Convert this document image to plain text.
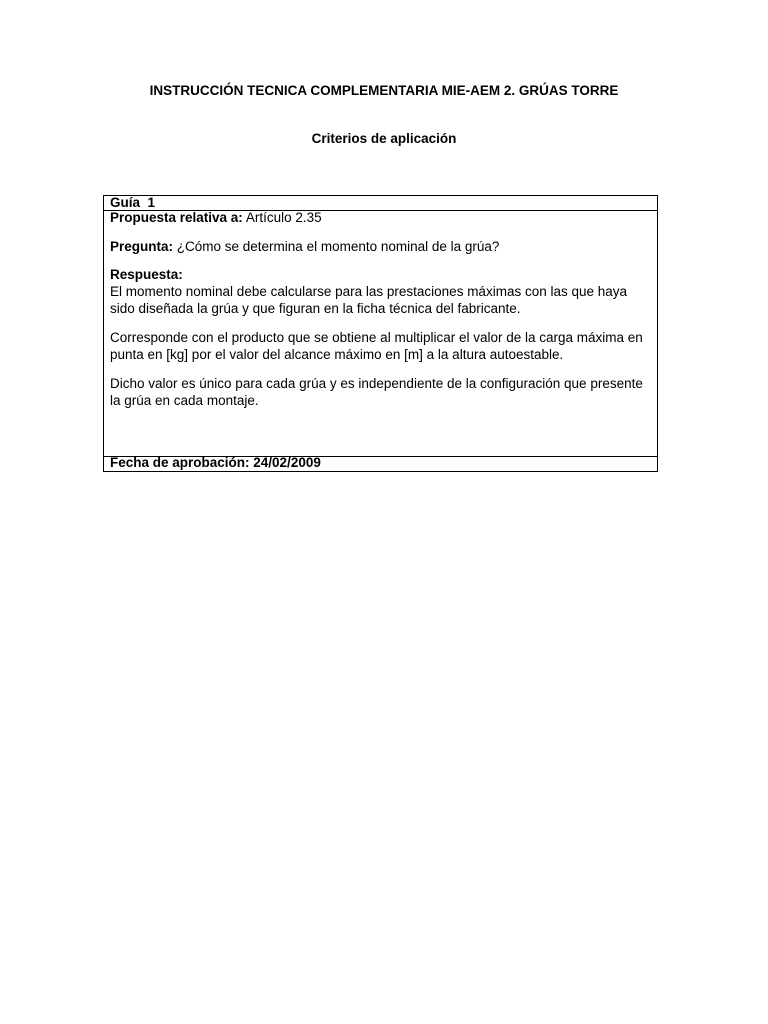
INSTRUCCIÓN TECNICA COMPLEMENTARIA MIE-AEM 2. GRÚAS TORRE
Criterios de aplicación
Guía  1

Propuesta relativa a: Artículo 2.35

Pregunta: ¿Cómo se determina el momento nominal de la grúa?

Respuesta:

El momento nominal debe calcularse para las prestaciones máximas con las que haya sido diseñada la grúa y que figuran en la ficha técnica del fabricante.

Corresponde con el producto que se obtiene al multiplicar el valor de la carga máxima en punta en [kg] por el valor del alcance máximo en [m] a la altura autoestable.

Dicho valor es único para cada grúa y es independiente de la configuración que presente la grúa en cada montaje.

Fecha de aprobación: 24/02/2009
